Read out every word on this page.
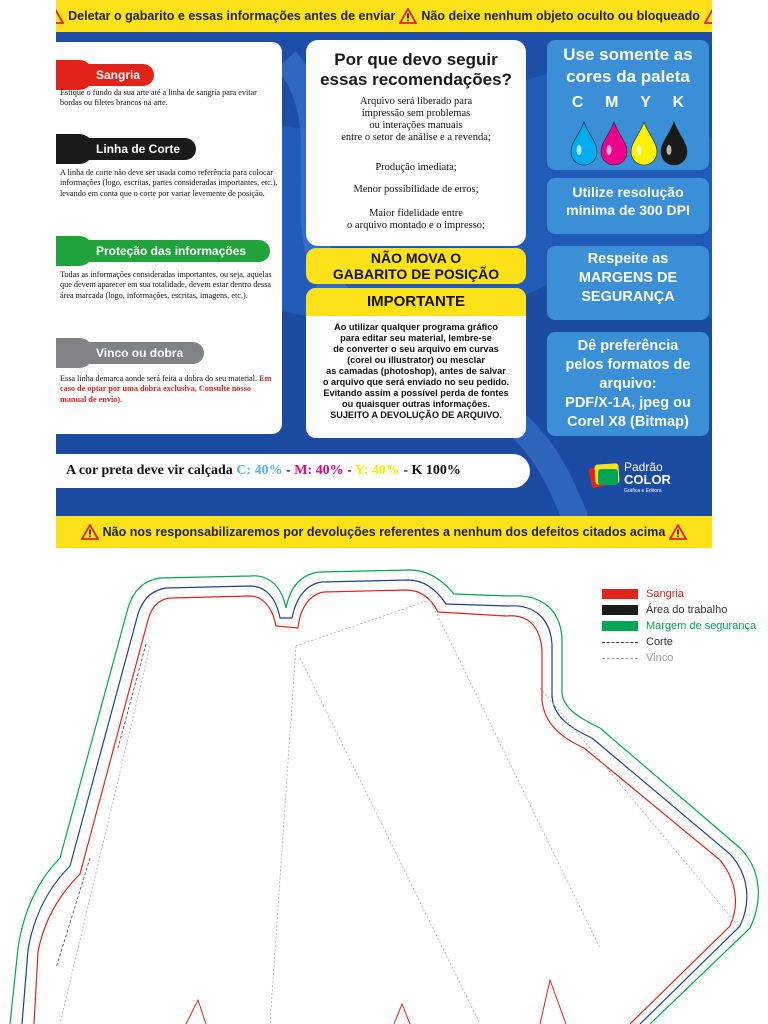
Deletar o gabarito e essas informações antes de enviar Não deixe nenhum objeto oculto ou bloqueado
Sangria
Estique o fundo da sua arte até a linha de sangria para evitar bordas ou filetes brancos na arte.
Linha de Corte
A linha de corte não deve ser usada como referência para colocar informações (logo, escritas, partes consideradas importantes, etc.), levando em conta que o corte por variar levemente de posição.
Proteção das informações
Todas as informações consideradas importantes, ou seja, aquelas que devem aparecer em sua totalidade, devem estar dentro dessa área marcada (logo, informações, escritas, imagens, etc.).
Vinco ou dobra
Essa linha demarca aonde será feita a dobra do seu material. Em caso de optar por uma dobra exclusiva, Consulte nosso manual de envio).
Por que devo seguir
essas recomendações?
Arquivo será liberado para
impressão sem problemas
ou interações manuais
entre o setor de análise e a revenda;
Produção imediata;
Menor possibilidade de erros;
Maior fidelidade entre
o arquivo montado e o impresso;
NÃO MOVA O
GABARITO DE POSIÇÃO
IMPORTANTE
Ao utilizar qualquer programa gráfico
para editar seu material, lembre-se
de converter o seu arquivo em curvas
(corel ou illustrator) ou mesclar
as camadas (photoshop), antes de salvar
o arquivo que será enviado no seu pedido.
Evitando assim a possível perda de fontes
ou quaisquer outras informações.
SUJEITO A DEVOLUÇÃO DE ARQUIVO.
Use somente as
cores da paleta
C M Y K
Utilize resolução
mínima de 300 DPI
Respeite as
MARGENS DE
SEGURANÇA
Dê preferência
pelos formatos de
arquivo:
PDF/X-1A, jpeg ou
Corel X8 (Bitmap)
A cor preta deve vir calçada C: 40% - M: 40% - Y: 40% - K 100%	Padrão
COLOR
Gráfica e Editora
Não nos responsabilizaremos por devoluções referentes a nenhum dos defeitos citados acima
Sangria
Área do trabalho
Margem de segurança
Corte
Vinco
